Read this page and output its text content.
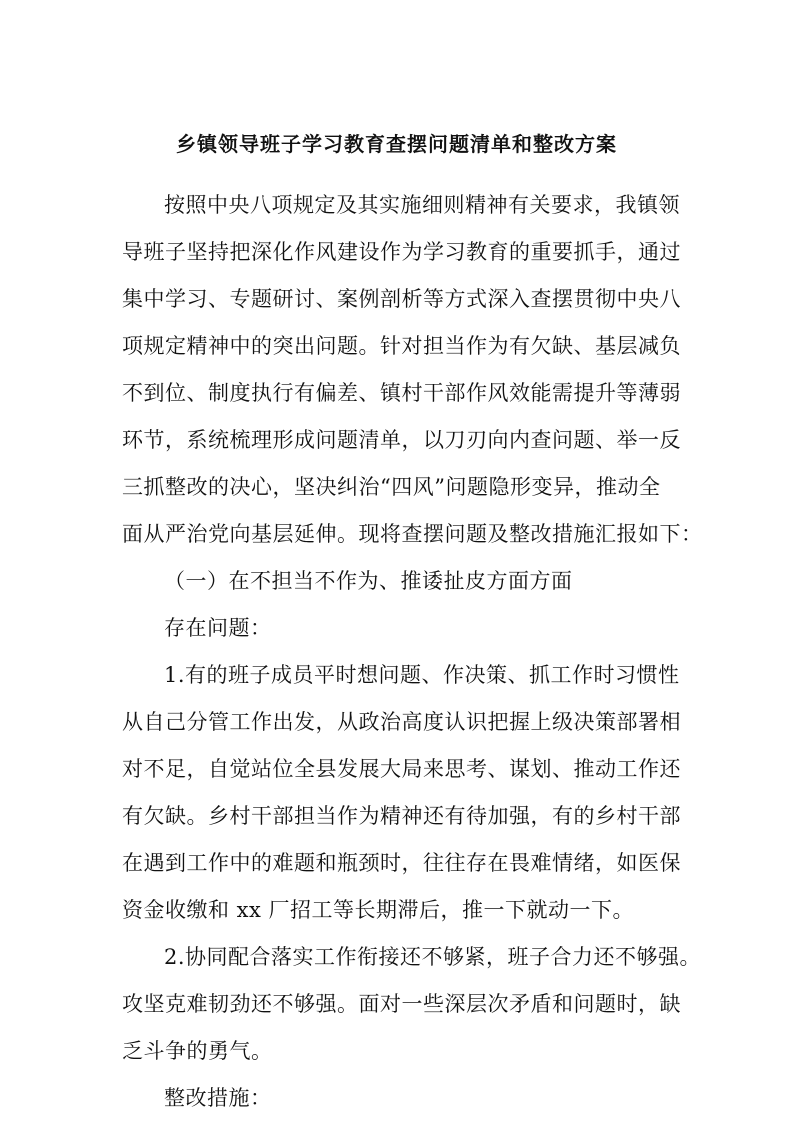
乡镇领导班子学习教育查摆问题清单和整改方案
按照中央八项规定及其实施细则精神有关要求，我镇领
导班子坚持把深化作风建设作为学习教育的重要抓手，通过
集中学习、专题研讨、案例剖析等方式深入查摆贯彻中央八
项规定精神中的突出问题。针对担当作为有欠缺、基层减负
不到位、制度执行有偏差、镇村干部作风效能需提升等薄弱
环节，系统梳理形成问题清单，以刀刃向内查问题、举一反
三抓整改的决心，坚决纠治“四风”问题隐形变异，推动全
面从严治党向基层延伸。现将查摆问题及整改措施汇报如下：
（一）在不担当不作为、推诿扯皮方面方面
存在问题：
1.有的班子成员平时想问题、作决策、抓工作时习惯性
从自己分管工作出发，从政治高度认识把握上级决策部署相
对不足，自觉站位全县发展大局来思考、谋划、推动工作还
有欠缺。乡村干部担当作为精神还有待加强，有的乡村干部
在遇到工作中的难题和瓶颈时，往往存在畏难情绪，如医保
资金收缴和 xx 厂招工等长期滞后，推一下就动一下。
2.协同配合落实工作衔接还不够紧，班子合力还不够强。
攻坚克难韧劲还不够强。面对一些深层次矛盾和问题时，缺
乏斗争的勇气。
整改措施：
